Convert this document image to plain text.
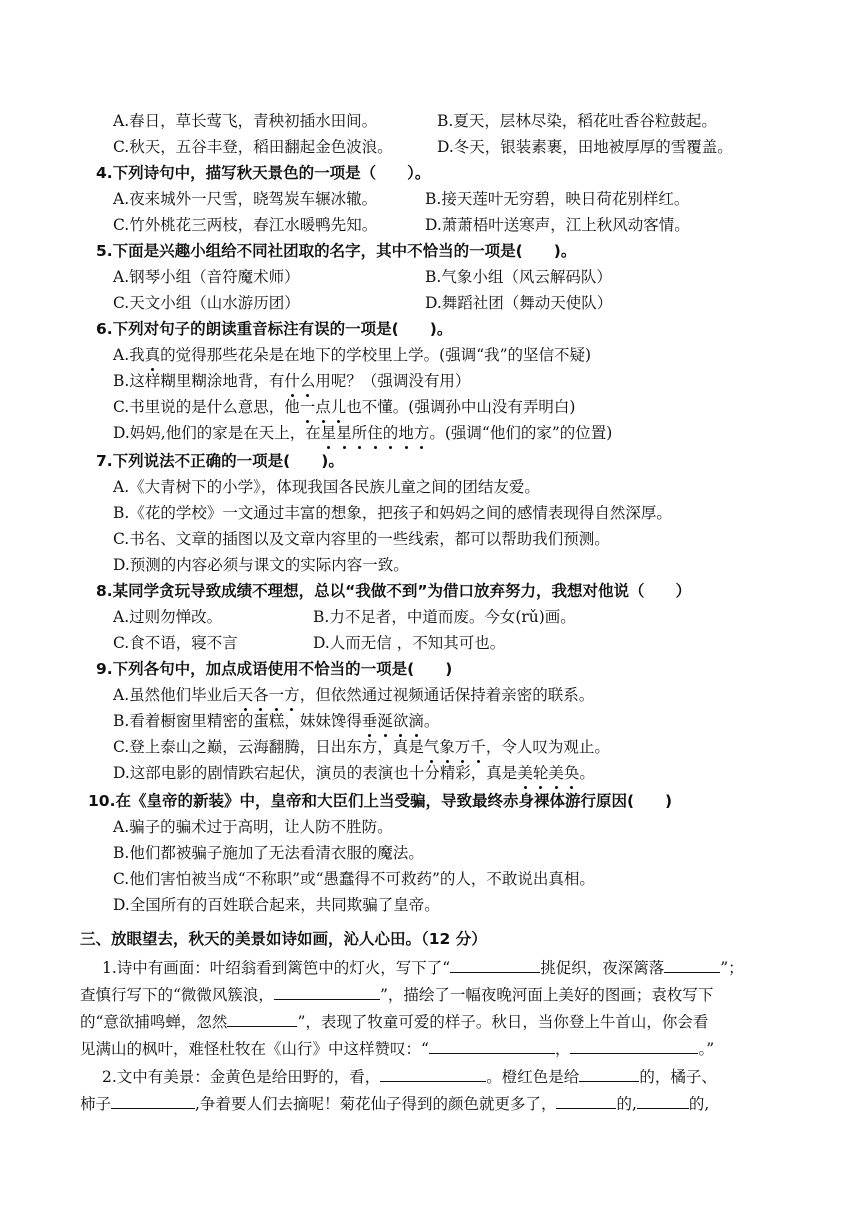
A.春日，草长莺飞，青秧初插水田间。	B.夏天，层林尽染，稻花吐香谷粒鼓起。
C.秋天，五谷丰登，稻田翻起金色波浪。	D.冬天，银装素裹，田地被厚厚的雪覆盖。
4.下列诗句中，描写秋天景色的一项是（　　）。
A.夜来城外一尺雪，晓驾炭车辗冰辙。	B.接天莲叶无穷碧，映日荷花别样红。
C.竹外桃花三两枝，春江水暖鸭先知。	D.萧萧梧叶送寒声，江上秋风动客情。
5.下面是兴趣小组给不同社团取的名字，其中不恰当的一项是(　　)。
A.钢琴小组（音符魔术师）	B.气象小组（风云解码队）
C.天文小组（山水游历团）	D.舞蹈社团（舞动天使队）
6.下列对句子的朗读重音标注有误的一项是(　　)。
A.我真的觉得那些花朵是在地下的学校里上学。(强调“我”的坚信不疑)
B.这样糊里糊涂地背，有什么用呢？（强调没有用）
C.书里说的是什么意思，他一点儿也不懂。(强调孙中山没有弄明白)
D.妈妈,他们的家是在天上，在星星所住的地方。(强调“他们的家”的位置)
7.下列说法不正确的一项是(　　)。
A.《大青树下的小学》，体现我国各民族儿童之间的团结友爱。
B.《花的学校》一文通过丰富的想象，把孩子和妈妈之间的感情表现得自然深厚。
C.书名、文章的插图以及文章内容里的一些线索，都可以帮助我们预测。
D.预测的内容必须与课文的实际内容一致。
8.某同学贪玩导致成绩不理想，总以“我做不到”为借口放弃努力，我想对他说（　　）
A.过则勿惮改。	B.力不足者，中道而废。今女(rǔ)画。
C.食不语，寝不言	D.人而无信 ，不知其可也。
9.下列各句中，加点成语使用不恰当的一项是(　　)
A.虽然他们毕业后天各一方，但依然通过视频通话保持着亲密的联系。
B.看着橱窗里精密的蛋糕，妹妹馋得垂涎欲滴。
C.登上泰山之巅，云海翻腾，日出东方，真是气象万千，令人叹为观止。
D.这部电影的剧情跌宕起伏，演员的表演也十分精彩，真是美轮美奂。
10.在《皇帝的新装》中，皇帝和大臣们上当受骗，导致最终赤身裸体游行原因(　　)
A.骗子的骗术过于高明，让人防不胜防。
B.他们都被骗子施加了无法看清衣服的魔法。
C.他们害怕被当成“不称职”或“愚蠢得不可救药”的人，不敢说出真相。
D.全国所有的百姓联合起来，共同欺骗了皇帝。
三、放眼望去，秋天的美景如诗如画，沁人心田。（12 分）
1.诗中有画面：叶绍翁看到篱笆中的灯火，写下了“	挑促织，夜深篱落	”；
查慎行写下的“微微风簇浪，	”，描绘了一幅夜晚河面上美好的图画；袁枚写下
的“意欲捕鸣蝉，忽然	”，表现了牧童可爱的样子。秋日，当你登上牛首山，你会看
见满山的枫叶，难怪杜牧在《山行》中这样赞叹：“	，	。”
2.文中有美景：金黄色是给田野的，看，	。橙红色是给	的，橘子、
柿子	,争着要人们去摘呢！菊花仙子得到的颜色就更多了，	的,	的,
